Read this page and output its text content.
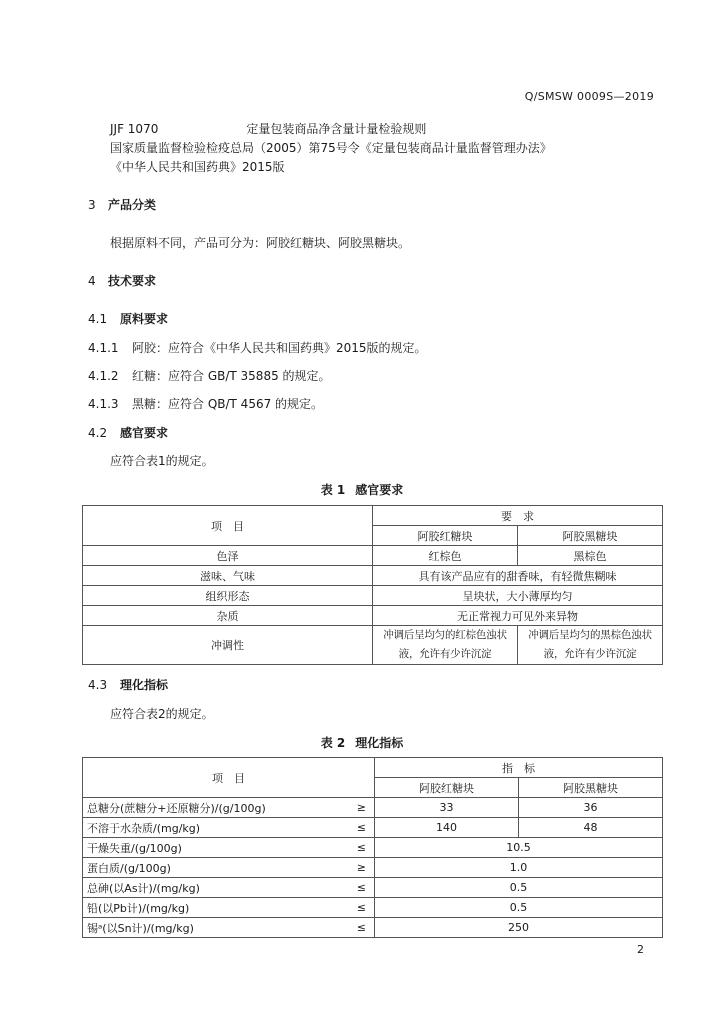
Q/SMSW 0009S—2019
JJF 1070	定量包装商品净含量计量检验规则
国家质量监督检验检疫总局（2005）第75号令《定量包装商品计量监督管理办法》
《中华人民共和国药典》2015版
3 产品分类
根据原料不同，产品可分为：阿胶红糖块、阿胶黑糖块。
4 技术要求
4.1 原料要求
4.1.1 阿胶：应符合《中华人民共和国药典》2015版的规定。
4.1.2 红糖：应符合 GB/T 35885 的规定。
4.1.3 黑糖：应符合 QB/T 4567 的规定。
4.2 感官要求
应符合表1的规定。
表 1 感官要求
项　目	要　求	
	阿胶红糖块	阿胶黑糖块
色泽	红棕色	黑棕色
滋味、气味	具有该产品应有的甜香味，有轻微焦糊味	
组织形态	呈块状，大小薄厚均匀	
杂质	无正常视力可见外来异物	
冲调性	冲调后呈均匀的红棕色浊状液，允许有少许沉淀	冲调后呈均匀的黑棕色浊状液，允许有少许沉淀
4.3 理化指标
应符合表2的规定。
表 2 理化指标
项　目		指　标	
		阿胶红糖块	阿胶黑糖块
总糖分(蔗糖分+还原糖分)/(g/100g)	≥	33	36
不溶于水杂质/(mg/kg)	≤	140	48
干燥失重/(g/100g)	≤	10.5	
蛋白质/(g/100g)	≥	1.0	
总砷(以As计)/(mg/kg)	≤	0.5	
铅(以Pb计)/(mg/kg)	≤	0.5	
锡ᵃ(以Sn计)/(mg/kg)	≤	250	
2
